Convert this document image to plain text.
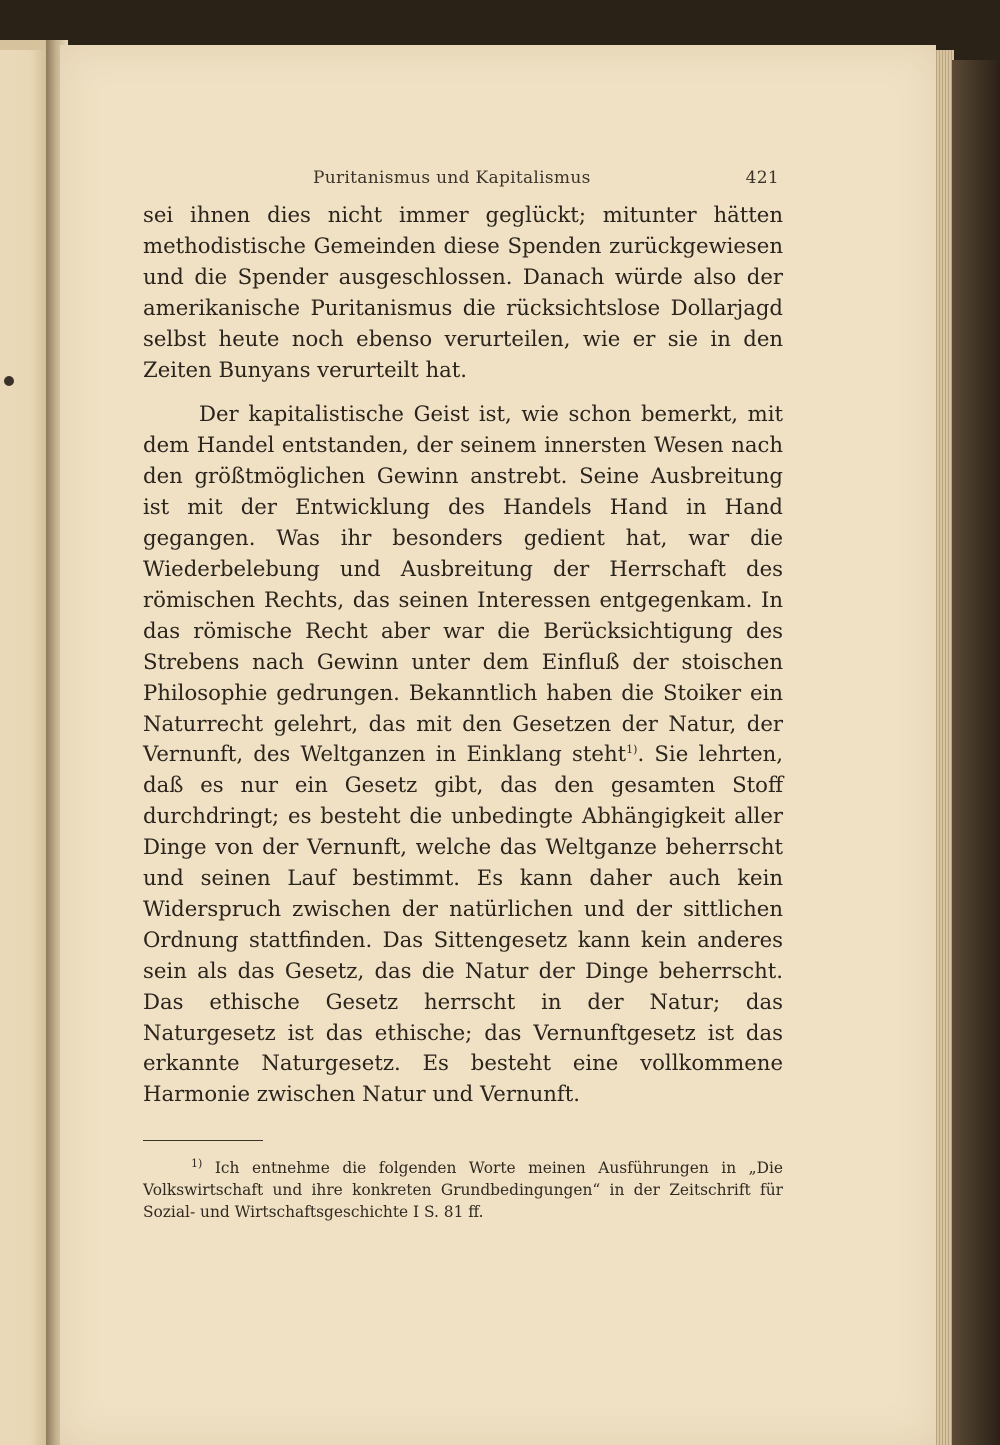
Puritanismus und Kapitalismus	421

sei ihnen dies nicht immer geglückt; mitunter hätten methodistische Gemeinden diese Spenden zurückgewiesen und die Spender ausgeschlossen. Danach würde also der amerikanische Puritanismus die rücksichtslose Dollarjagd selbst heute noch ebenso verurteilen, wie er sie in den Zeiten Bunyans verurteilt hat.

Der kapitalistische Geist ist, wie schon bemerkt, mit dem Handel entstanden, der seinem innersten Wesen nach den größtmöglichen Gewinn anstrebt. Seine Ausbreitung ist mit der Entwicklung des Handels Hand in Hand gegangen. Was ihr besonders gedient hat, war die Wiederbelebung und Ausbreitung der Herrschaft des römischen Rechts, das seinen Interessen entgegenkam. In das römische Recht aber war die Berücksichtigung des Strebens nach Gewinn unter dem Einfluß der stoischen Philosophie gedrungen. Bekanntlich haben die Stoiker ein Naturrecht gelehrt, das mit den Gesetzen der Natur, der Vernunft, des Weltganzen in Einklang steht$^{1)}$. Sie lehrten, daß es nur ein Gesetz gibt, das den gesamten Stoff durchdringt; es besteht die unbedingte Abhängigkeit aller Dinge von der Vernunft, welche das Weltganze beherrscht und seinen Lauf bestimmt. Es kann daher auch kein Widerspruch zwischen der natürlichen und der sittlichen Ordnung stattfinden. Das Sittengesetz kann kein anderes sein als das Gesetz, das die Natur der Dinge beherrscht. Das ethische Gesetz herrscht in der Natur; das Naturgesetz ist das ethische; das Vernunftgesetz ist das erkannte Naturgesetz. Es besteht eine vollkommene Harmonie zwischen Natur und Vernunft.

$^{1)}$ Ich entnehme die folgenden Worte meinen Ausführungen in „Die Volkswirtschaft und ihre konkreten Grundbedingungen“ in der Zeitschrift für Sozial- und Wirtschaftsgeschichte I S. 81 ff.
